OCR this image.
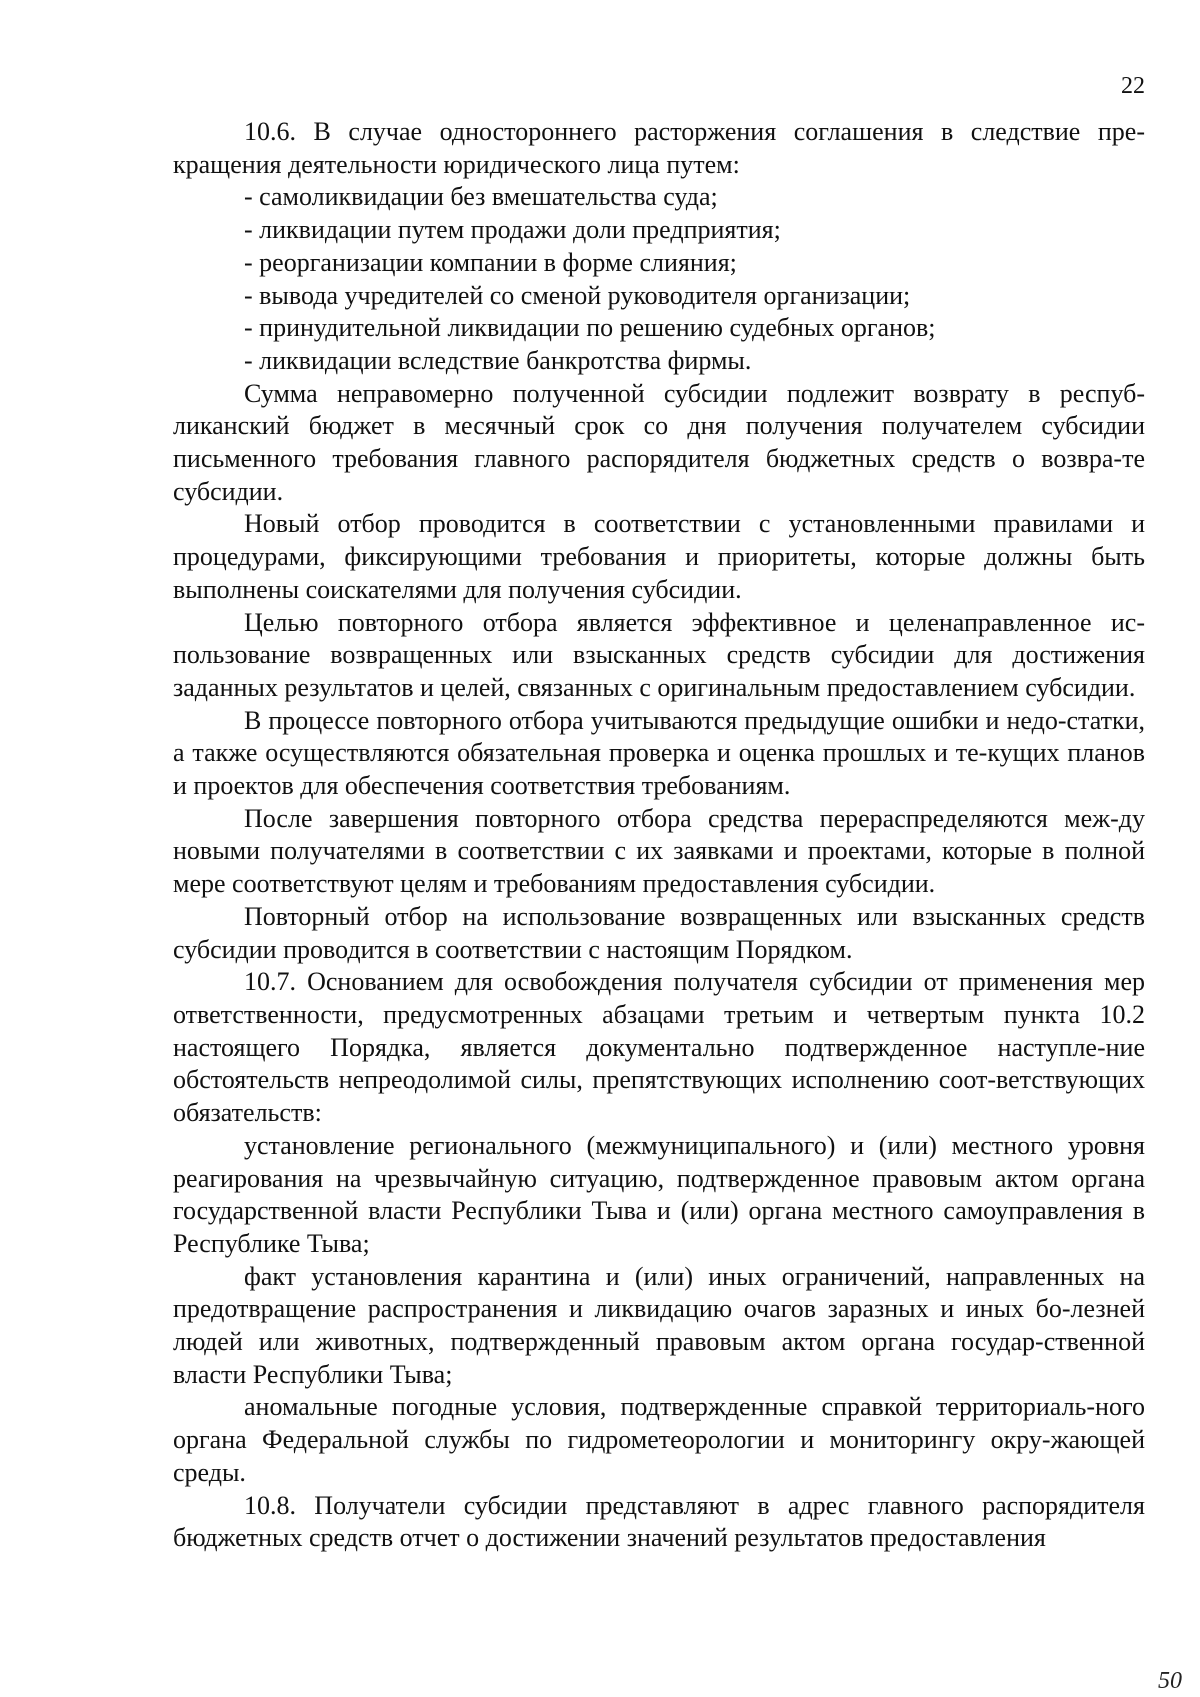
22

10.6. В случае одностороннего расторжения соглашения в следствие пре-кращения деятельности юридического лица путем:

- самоликвидации без вмешательства суда;

- ликвидации путем продажи доли предприятия;

- реорганизации компании в форме слияния;

- вывода учредителей со сменой руководителя организации;

- принудительной ликвидации по решению судебных органов;

- ликвидации вследствие банкротства фирмы.

Сумма неправомерно полученной субсидии подлежит возврату в респуб-ликанский бюджет в месячный срок со дня получения получателем субсидии письменного требования главного распорядителя бюджетных средств о возвра-те субсидии.

Новый отбор проводится в соответствии с установленными правилами и процедурами, фиксирующими требования и приоритеты, которые должны быть выполнены соискателями для получения субсидии.

Целью повторного отбора является эффективное и целенаправленное ис-пользование возвращенных или взысканных средств субсидии для достижения заданных результатов и целей, связанных с оригинальным предоставлением субсидии.

В процессе повторного отбора учитываются предыдущие ошибки и недо-статки, а также осуществляются обязательная проверка и оценка прошлых и те-кущих планов и проектов для обеспечения соответствия требованиям.

После завершения повторного отбора средства перераспределяются меж-ду новыми получателями в соответствии с их заявками и проектами, которые в полной мере соответствуют целям и требованиям предоставления субсидии.

Повторный отбор на использование возвращенных или взысканных средств субсидии проводится в соответствии с настоящим Порядком.

10.7. Основанием для освобождения получателя субсидии от применения мер ответственности, предусмотренных абзацами третьим и четвертым пункта 10.2 настоящего Порядка, является документально подтвержденное наступле-ние обстоятельств непреодолимой силы, препятствующих исполнению соот-ветствующих обязательств:

установление регионального (межмуниципального) и (или) местного уровня реагирования на чрезвычайную ситуацию, подтвержденное правовым актом органа государственной власти Республики Тыва и (или) органа местного самоуправления в Республике Тыва;

факт установления карантина и (или) иных ограничений, направленных на предотвращение распространения и ликвидацию очагов заразных и иных бо-лезней людей или животных, подтвержденный правовым актом органа государ-ственной власти Республики Тыва;

аномальные погодные условия, подтвержденные справкой территориаль-ного органа Федеральной службы по гидрометеорологии и мониторингу окру-жающей среды.

10.8. Получатели субсидии представляют в адрес главного распорядителя бюджетных средств отчет о достижении значений результатов предоставления

50
